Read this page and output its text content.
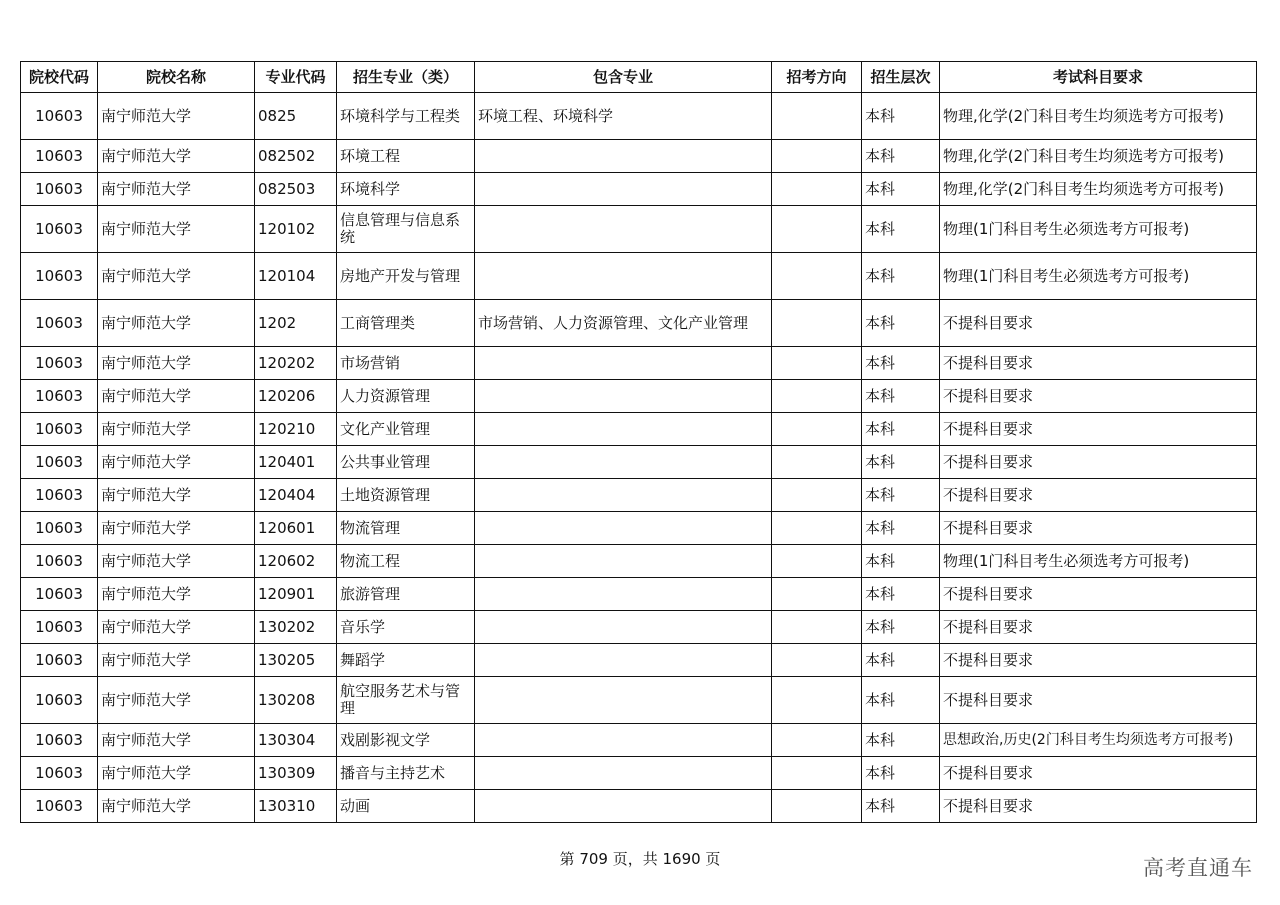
院校代码	院校名称	专业代码	招生专业（类）	包含专业	招考方向	招生层次	考试科目要求
10603	南宁师范大学	0825	环境科学与工程类	环境工程、环境科学		本科	物理,化学(2门科目考生均须选考方可报考)
10603	南宁师范大学	082502	环境工程			本科	物理,化学(2门科目考生均须选考方可报考)
10603	南宁师范大学	082503	环境科学			本科	物理,化学(2门科目考生均须选考方可报考)
10603	南宁师范大学	120102	信息管理与信息系统			本科	物理(1门科目考生必须选考方可报考)
10603	南宁师范大学	120104	房地产开发与管理			本科	物理(1门科目考生必须选考方可报考)
10603	南宁师范大学	1202	工商管理类	市场营销、人力资源管理、文化产业管理		本科	不提科目要求
10603	南宁师范大学	120202	市场营销			本科	不提科目要求
10603	南宁师范大学	120206	人力资源管理			本科	不提科目要求
10603	南宁师范大学	120210	文化产业管理			本科	不提科目要求
10603	南宁师范大学	120401	公共事业管理			本科	不提科目要求
10603	南宁师范大学	120404	土地资源管理			本科	不提科目要求
10603	南宁师范大学	120601	物流管理			本科	不提科目要求
10603	南宁师范大学	120602	物流工程			本科	物理(1门科目考生必须选考方可报考)
10603	南宁师范大学	120901	旅游管理			本科	不提科目要求
10603	南宁师范大学	130202	音乐学			本科	不提科目要求
10603	南宁师范大学	130205	舞蹈学			本科	不提科目要求
10603	南宁师范大学	130208	航空服务艺术与管理			本科	不提科目要求
10603	南宁师范大学	130304	戏剧影视文学			本科	思想政治,历史(2门科目考生均须选考方可报考)
10603	南宁师范大学	130309	播音与主持艺术			本科	不提科目要求
10603	南宁师范大学	130310	动画			本科	不提科目要求
第 709 页，共 1690 页	高考直通车
